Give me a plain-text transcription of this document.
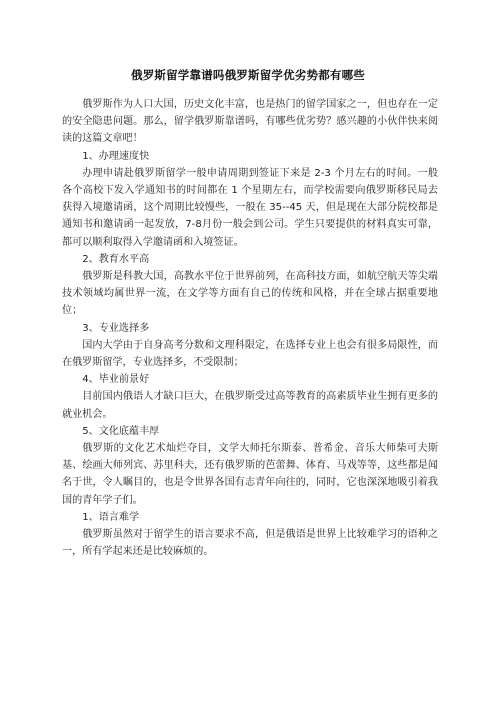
俄罗斯留学靠谱吗俄罗斯留学优劣势都有哪些

俄罗斯作为人口大国，历史文化丰富，也是热门的留学国家之一，但也存在一定的安全隐患问题。那么，留学俄罗斯靠谱吗，有哪些优劣势？感兴趣的小伙伴快来阅读的这篇文章吧！

1、办理速度快

办理申请赴俄罗斯留学一般申请周期到签证下来是 2-3 个月左右的时间。一般各个高校下发入学通知书的时间都在 1 个星期左右，而学校需要向俄罗斯移民局去获得入境邀请函，这个周期比较慢些，一般在 35--45 天，但是现在大部分院校都是通知书和邀请函一起发放，7-8月份一般会到公司。学生只要提供的材料真实可靠，都可以顺利取得入学邀请函和入境签证。

2、教育水平高

俄罗斯是科教大国，高教水平位于世界前列，在高科技方面，如航空航天等尖端技术领域均属世界一流，在文学等方面有自己的传统和风格，并在全球占据重要地位；

3、专业选择多

国内大学由于自身高考分数和文理科限定，在选择专业上也会有很多局限性，而在俄罗斯留学，专业选择多，不受限制；

4、毕业前景好

目前国内俄语人才缺口巨大，在俄罗斯受过高等教育的高素质毕业生拥有更多的就业机会。

5、文化底蕴丰厚

俄罗斯的文化艺术灿烂夺目，文学大师托尔斯泰、普希金、音乐大师柴可夫斯基、绘画大师列宾、苏里科夫，还有俄罗斯的芭蕾舞、体育、马戏等等，这些都是闻名于世，令人瞩目的，也是令世界各国有志青年向往的，同时，它也深深地吸引着我国的青年学子们。

1、语言难学

俄罗斯虽然对于留学生的语言要求不高，但是俄语是世界上比较难学习的语种之一，所有学起来还是比较麻烦的。
